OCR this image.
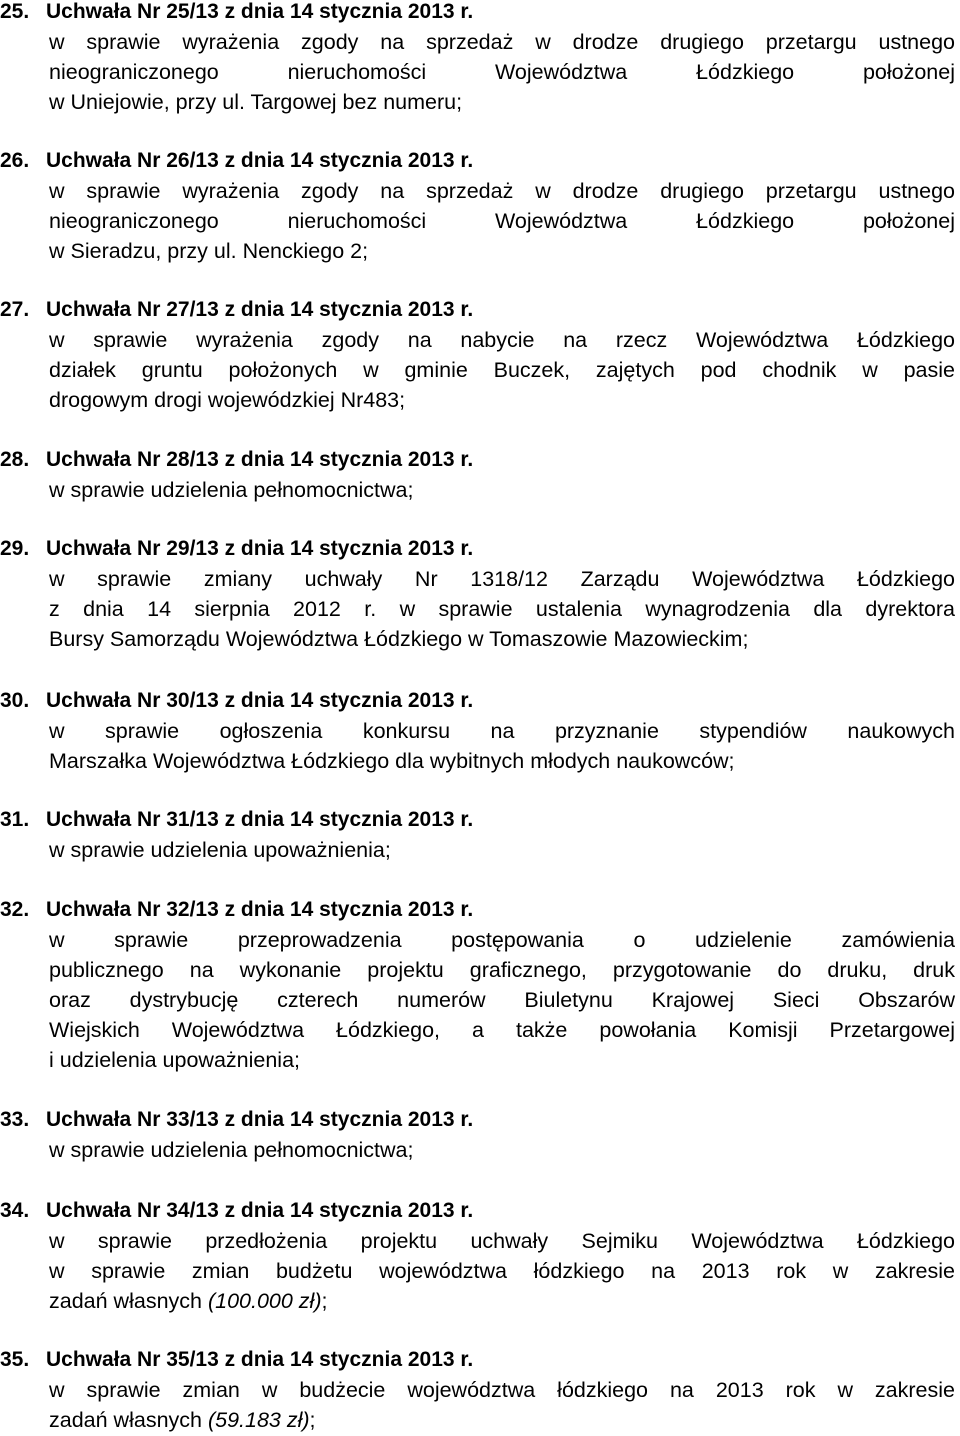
25. Uchwała Nr 25/13 z dnia 14 stycznia 2013 r.
w sprawie wyrażenia zgody na sprzedaż w drodze drugiego przetargu ustnego
nieograniczonego nieruchomości Województwa Łódzkiego położonej
w Uniejowie, przy ul. Targowej bez numeru;
26. Uchwała Nr 26/13 z dnia 14 stycznia 2013 r.
w sprawie wyrażenia zgody na sprzedaż w drodze drugiego przetargu ustnego
nieograniczonego nieruchomości Województwa Łódzkiego położonej
w Sieradzu, przy ul. Nenckiego 2;
27. Uchwała Nr 27/13 z dnia 14 stycznia 2013 r.
w sprawie wyrażenia zgody na nabycie na rzecz Województwa Łódzkiego
działek gruntu położonych w gminie Buczek, zajętych pod chodnik w pasie
drogowym drogi wojewódzkiej Nr483;
28. Uchwała Nr 28/13 z dnia 14 stycznia 2013 r.
w sprawie udzielenia pełnomocnictwa;
29. Uchwała Nr 29/13 z dnia 14 stycznia 2013 r.
w sprawie zmiany uchwały Nr 1318/12 Zarządu Województwa Łódzkiego
z dnia 14 sierpnia 2012 r. w sprawie ustalenia wynagrodzenia dla dyrektora
Bursy Samorządu Województwa Łódzkiego w Tomaszowie Mazowieckim;
30. Uchwała Nr 30/13 z dnia 14 stycznia 2013 r.
w sprawie ogłoszenia konkursu na przyznanie stypendiów naukowych
Marszałka Województwa Łódzkiego dla wybitnych młodych naukowców;
31. Uchwała Nr 31/13 z dnia 14 stycznia 2013 r.
w sprawie udzielenia upoważnienia;
32. Uchwała Nr 32/13 z dnia 14 stycznia 2013 r.
w sprawie przeprowadzenia postępowania o udzielenie zamówienia
publicznego na wykonanie projektu graficznego, przygotowanie do druku, druk
oraz dystrybucję czterech numerów Biuletynu Krajowej Sieci Obszarów
Wiejskich Województwa Łódzkiego, a także powołania Komisji Przetargowej
i udzielenia upoważnienia;
33. Uchwała Nr 33/13 z dnia 14 stycznia 2013 r.
w sprawie udzielenia pełnomocnictwa;
34. Uchwała Nr 34/13 z dnia 14 stycznia 2013 r.
w sprawie przedłożenia projektu uchwały Sejmiku Województwa Łódzkiego
w sprawie zmian budżetu województwa łódzkiego na 2013 rok w zakresie
zadań własnych (100.000 zł);
35. Uchwała Nr 35/13 z dnia 14 stycznia 2013 r.
w sprawie zmian w budżecie województwa łódzkiego na 2013 rok w zakresie
zadań własnych (59.183 zł);
